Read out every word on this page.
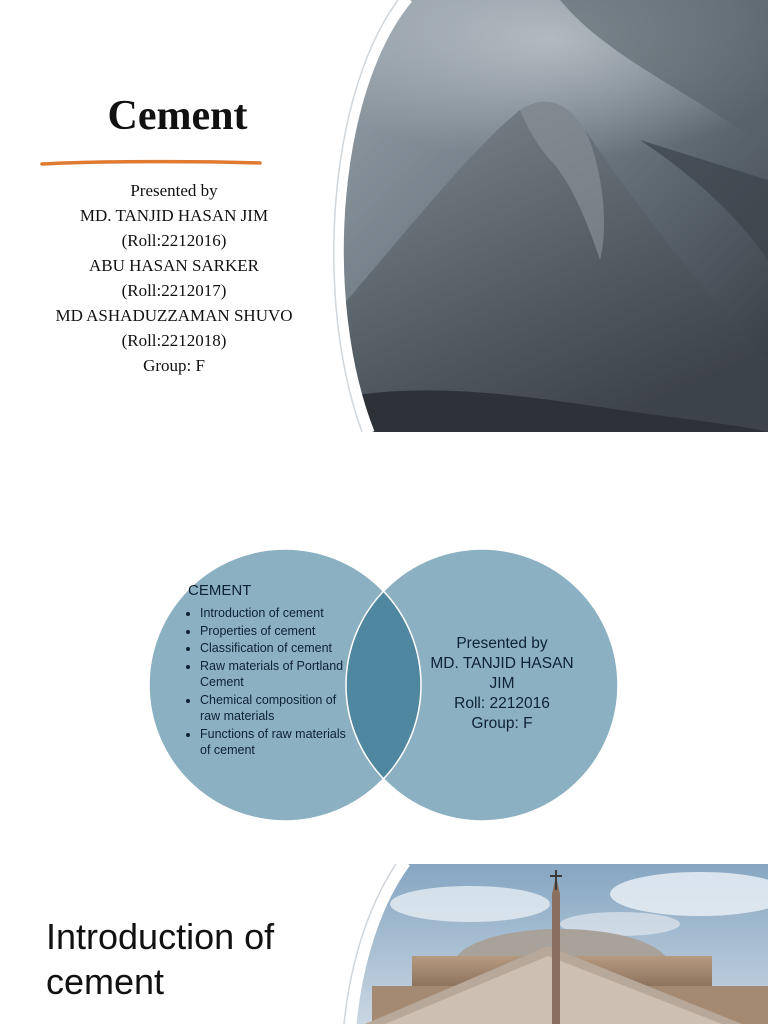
Cement
Presented by
MD. TANJID HASAN JIM
(Roll:2212016)
ABU HASAN SARKER
(Roll:2212017)
MD ASHADUZZAMAN SHUVO
(Roll:2212018)
Group: F
CEMENT
• Introduction of cement
• Properties of cement
• Classification of cement
• Raw materials of Portland Cement
• Chemical composition of raw materials
• Functions of raw materials of cement
Presented by
MD. TANJID HASAN JIM
Roll: 2212016
Group: F
Introduction of
cement
